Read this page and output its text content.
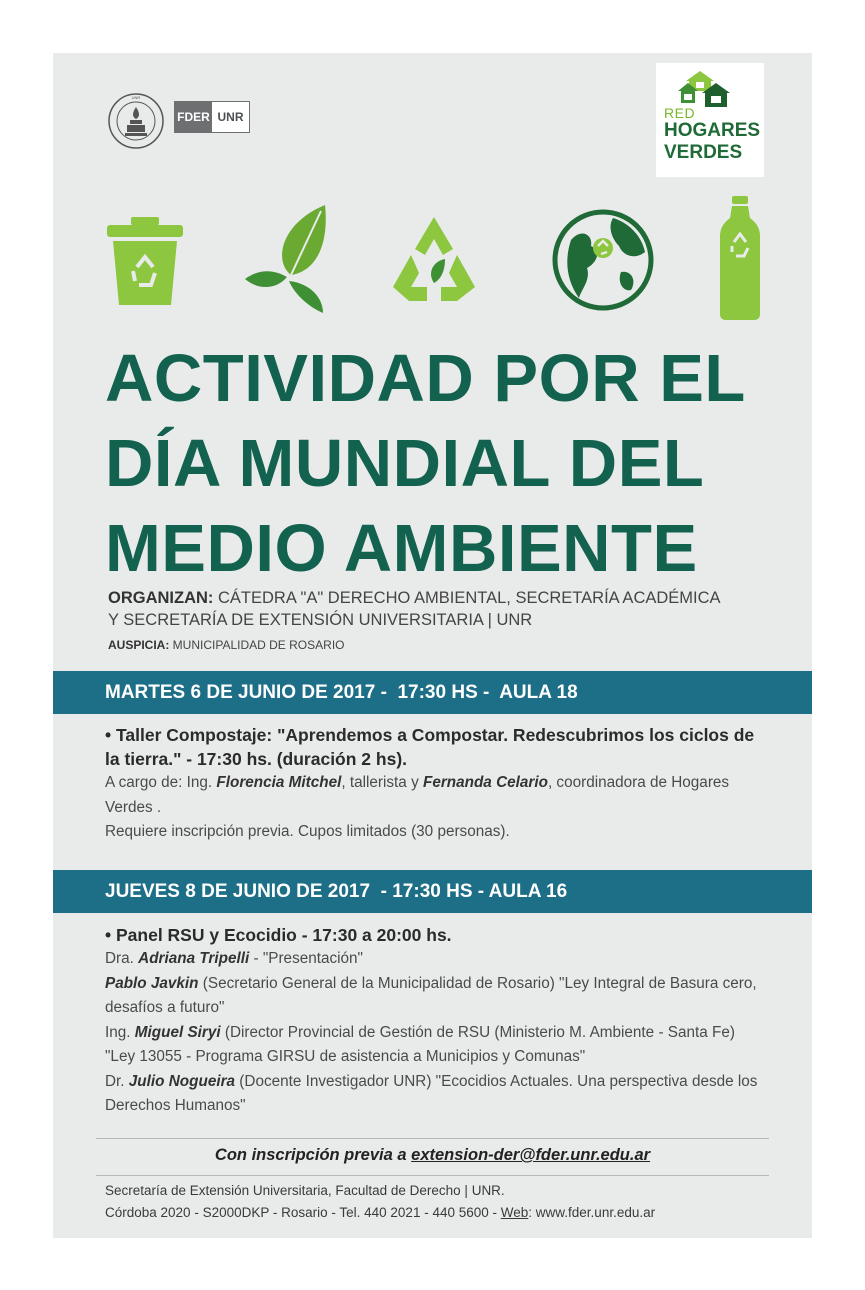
UNR
FDER UNR	RED
HOGARES
VERDES
ACTIVIDAD POR EL
DÍA MUNDIAL DEL
MEDIO AMBIENTE
ORGANIZAN: CÁTEDRA "A" DERECHO AMBIENTAL, SECRETARÍA ACADÉMICA
Y SECRETARÍA DE EXTENSIÓN UNIVERSITARIA | UNR
AUSPICIA: MUNICIPALIDAD DE ROSARIO
MARTES 6 DE JUNIO DE 2017 -  17:30 HS -  AULA 18
• Taller Compostaje: "Aprendemos a Compostar. Redescubrimos los ciclos de la tierra." - 17:30 hs. (duración 2 hs).
A cargo de: Ing. Florencia Mitchel, tallerista y Fernanda Celario, coordinadora de Hogares Verdes .
Requiere inscripción previa. Cupos limitados (30 personas).
JUEVES 8 DE JUNIO DE 2017  - 17:30 HS - AULA 16
• Panel RSU y Ecocidio - 17:30 a 20:00 hs.
Dra. Adriana Tripelli - "Presentación"
Pablo Javkin (Secretario General de la Municipalidad de Rosario) "Ley Integral de Basura cero, desafíos a futuro"
Ing. Miguel Siryi (Director Provincial de Gestión de RSU (Ministerio M. Ambiente - Santa Fe) "Ley 13055 - Programa GIRSU de asistencia a Municipios y Comunas"
Dr. Julio Nogueira (Docente Investigador UNR) "Ecocidios Actuales. Una perspectiva desde los Derechos Humanos"
Con inscripción previa a extension-der@fder.unr.edu.ar
Secretaría de Extensión Universitaria, Facultad de Derecho | UNR.
Córdoba 2020 - S2000DKP - Rosario - Tel. 440 2021 - 440 5600 - Web: www.fder.unr.edu.ar
